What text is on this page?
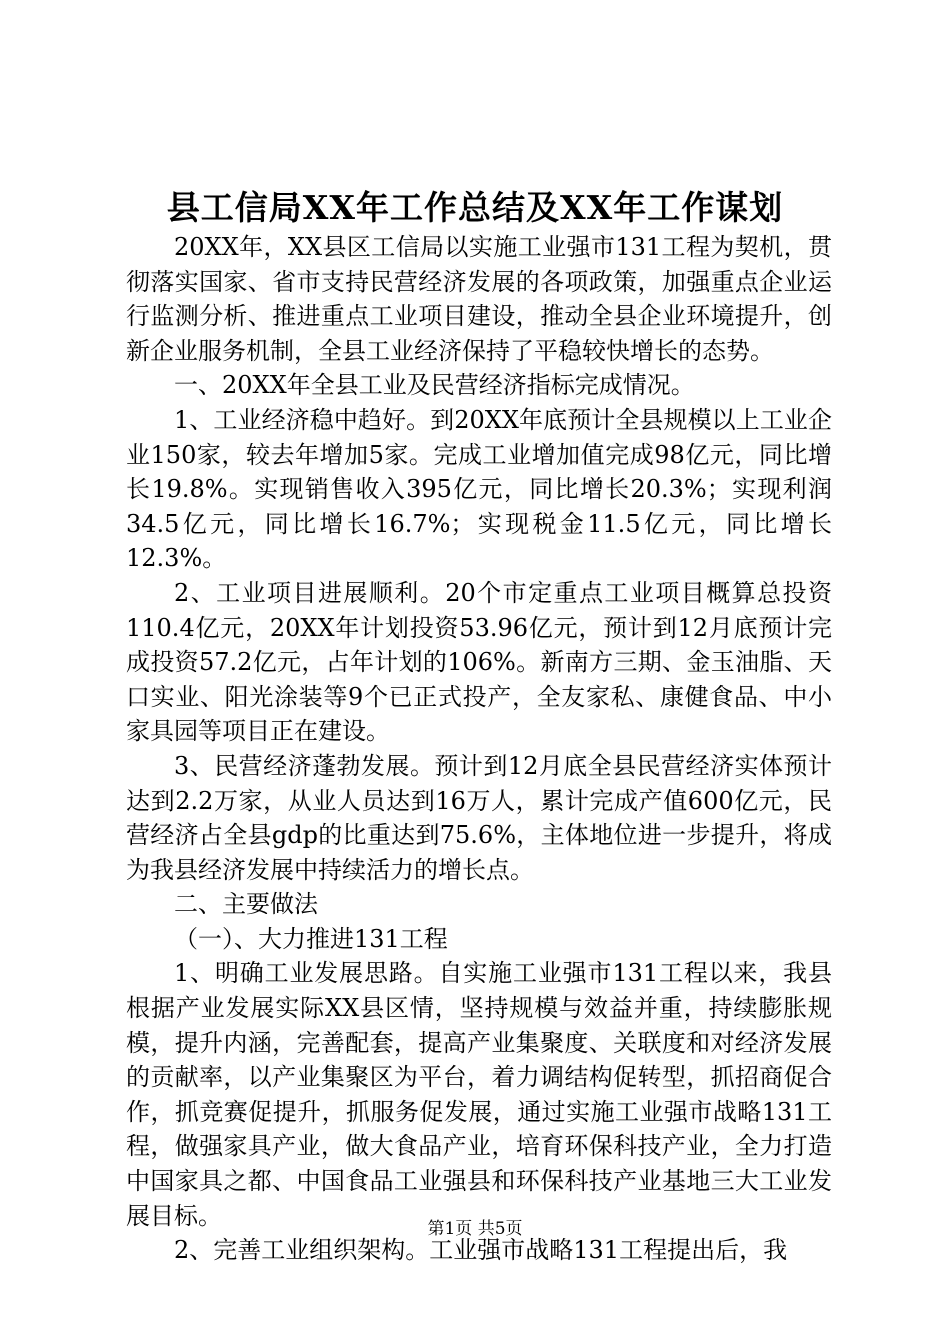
县工信局XX年工作总结及XX年工作谋划

20XX年，XX县区工信局以实施工业强市131工程为契机，贯彻落实国家、省市支持民营经济发展的各项政策，加强重点企业运行监测分析、推进重点工业项目建设，推动全县企业环境提升，创新企业服务机制，全县工业经济保持了平稳较快增长的态势。

一、20XX年全县工业及民营经济指标完成情况。

1、工业经济稳中趋好。到20XX年底预计全县规模以上工业企业150家，较去年增加5家。完成工业增加值完成98亿元，同比增长19.8%。实现销售收入395亿元，同比增长20.3%；实现利润34.5亿元，同比增长16.7%；实现税金11.5亿元，同比增长12.3%。

2、工业项目进展顺利。20个市定重点工业项目概算总投资110.4亿元，20XX年计划投资53.96亿元，预计到12月底预计完成投资57.2亿元，占年计划的106%。新南方三期、金玉油脂、天口实业、阳光涂装等9个已正式投产，全友家私、康健食品、中小家具园等项目正在建设。

3、民营经济蓬勃发展。预计到12月底全县民营经济实体预计达到2.2万家，从业人员达到16万人，累计完成产值600亿元，民营经济占全县gdp的比重达到75.6%，主体地位进一步提升，将成为我县经济发展中持续活力的增长点。

二、主要做法

（一）、大力推进131工程

1、明确工业发展思路。自实施工业强市131工程以来，我县根据产业发展实际XX县区情，坚持规模与效益并重，持续膨胀规模，提升内涵，完善配套，提高产业集聚度、关联度和对经济发展的贡献率，以产业集聚区为平台，着力调结构促转型，抓招商促合作，抓竞赛促提升，抓服务促发展，通过实施工业强市战略131工程，做强家具产业，做大食品产业，培育环保科技产业，全力打造中国家具之都、中国食品工业强县和环保科技产业基地三大工业发展目标。

2、完善工业组织架构。工业强市战略131工程提出后，我

第1页 共5页
